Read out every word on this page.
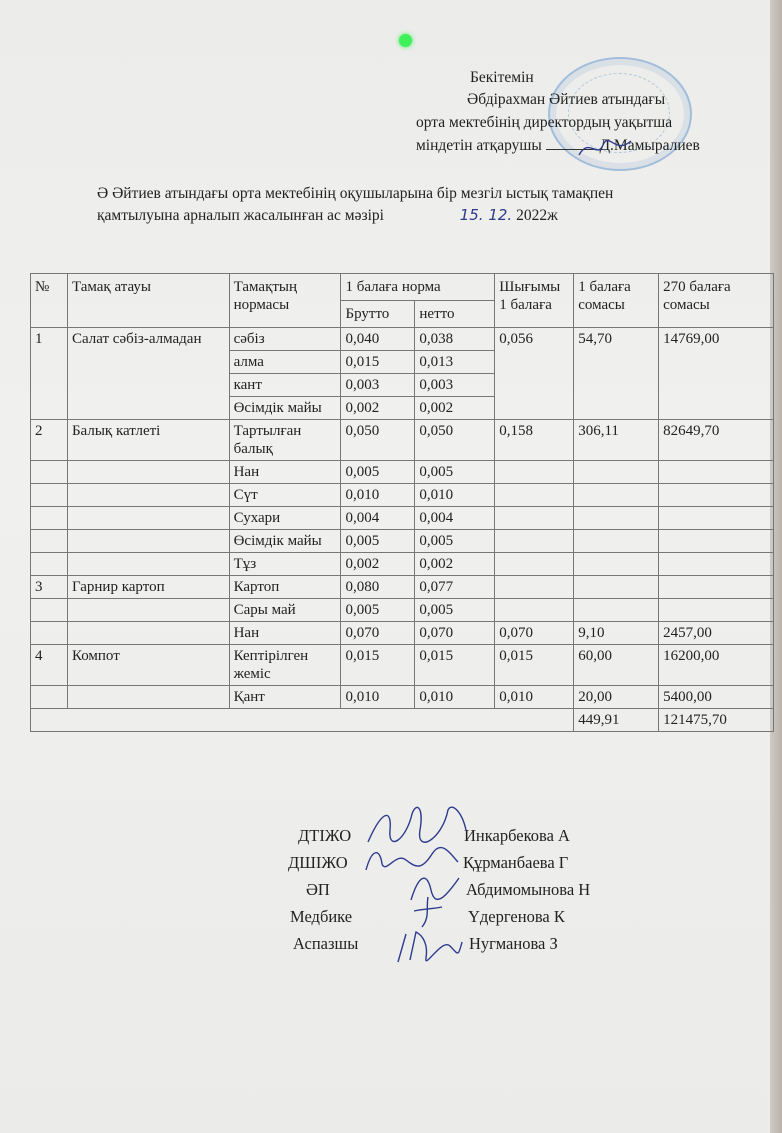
Бекітемін
Әбдірахман Әйтиев атындағы
орта мектебінің директордың уақытша
міндетін атқарушы	Д.Мамыралиев
Ә Әйтиев атындағы орта мектебінің оқушыларына бір мезгіл ыстық тамақпен
қамтылуына арналып жасалынған ас мәзірі	15. 12. 2022ж
№	Тамақ атауы	Тамақтың нормасы	1 балаға норма		Шығымы 1 балаға	1 балаға сомасы	270 балаға сомасы
			Брутто	нетто			
1	Салат сәбіз-алмадан	сәбіз	0,040	0,038	0,056	54,70	14769,00
		алма	0,015	0,013			
		кант	0,003	0,003			
		Өсімдік майы	0,002	0,002			
2	Балық катлеті	Тартылған балық	0,050	0,050	0,158	306,11	82649,70
		Нан	0,005	0,005			
		Сүт	0,010	0,010			
		Сухари	0,004	0,004			
		Өсімдік майы	0,005	0,005			
		Тұз	0,002	0,002			
3	Гарнир картоп	Картоп	0,080	0,077			
		Сары май	0,005	0,005			
		Нан	0,070	0,070	0,070	9,10	2457,00
4	Компот	Кептірілген жеміс	0,015	0,015	0,015	60,00	16200,00
		Қант	0,010	0,010	0,010	20,00	5400,00
						449,91	121475,70
ДТІЖО	Инкарбекова А
ДШІЖО	Құрманбаева Г
ӘП	Абдимомынова Н
Медбике	Үдергенова К
Аспазшы	Нугманова З
